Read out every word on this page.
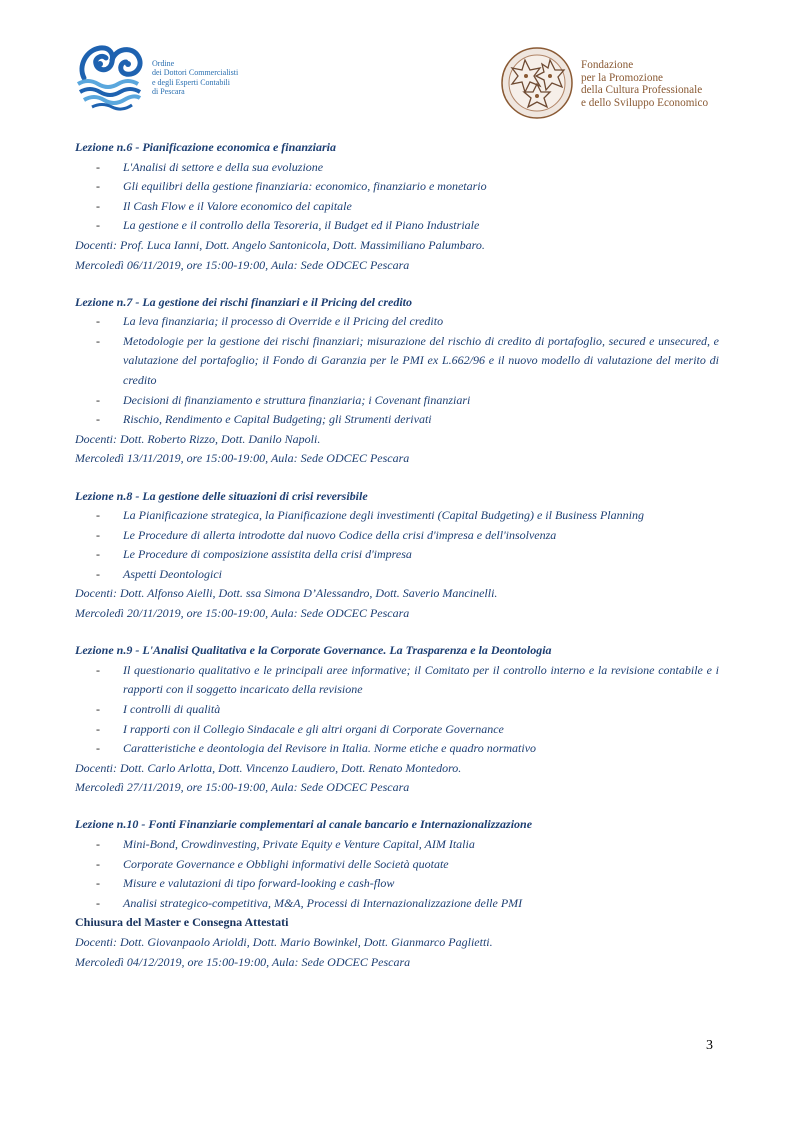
Ordine
dei Dottori Commercialisti
e degli Esperti Contabili
di Pescara
Fondazione
per la Promozione
della Cultura Professionale
e dello Sviluppo Economico

Lezione n.6 - Pianificazione economica e finanziaria

- L'Analisi di settore e della sua evoluzione
- Gli equilibri della gestione finanziaria: economico, finanziario e monetario
- Il Cash Flow e il Valore economico del capitale
- La gestione e il controllo della Tesoreria, il Budget ed il Piano Industriale
Docenti: Prof. Luca Ianni, Dott. Angelo Santonicola, Dott. Massimiliano Palumbaro.
Mercoledì 06/11/2019, ore 15:00-19:00, Aula: Sede ODCEC Pescara

Lezione n.7 - La gestione dei rischi finanziari e il Pricing del credito

- La leva finanziaria; il processo di Override e il Pricing del credito
- Metodologie per la gestione dei rischi finanziari; misurazione del rischio di credito di portafoglio, secured e unsecured, e valutazione del portafoglio; il Fondo di Garanzia per le PMI ex L.662/96 e il nuovo modello di valutazione del merito di credito
- Decisioni di finanziamento e struttura finanziaria; i Covenant finanziari
- Rischio, Rendimento e Capital Budgeting; gli Strumenti derivati
Docenti: Dott. Roberto Rizzo, Dott. Danilo Napoli.
Mercoledì 13/11/2019, ore 15:00-19:00, Aula: Sede ODCEC Pescara

Lezione n.8 - La gestione delle situazioni di crisi reversibile

- La Pianificazione strategica, la Pianificazione degli investimenti (Capital Budgeting) e il Business Planning
- Le Procedure di allerta introdotte dal nuovo Codice della crisi d'impresa e dell'insolvenza
- Le Procedure di composizione assistita della crisi d'impresa
- Aspetti Deontologici
Docenti: Dott. Alfonso Aielli, Dott. ssa Simona D’Alessandro, Dott. Saverio Mancinelli.
Mercoledì 20/11/2019, ore 15:00-19:00, Aula: Sede ODCEC Pescara

Lezione n.9 - L'Analisi Qualitativa e la Corporate Governance. La Trasparenza e la Deontologia

- Il questionario qualitativo e le principali aree informative; il Comitato per il controllo interno e la revisione contabile e i rapporti con il soggetto incaricato della revisione
- I controlli di qualità
- I rapporti con il Collegio Sindacale e gli altri organi di Corporate Governance
- Caratteristiche e deontologia del Revisore in Italia. Norme etiche e quadro normativo
Docenti: Dott. Carlo Arlotta, Dott. Vincenzo Laudiero, Dott. Renato Montedoro.
Mercoledì 27/11/2019, ore 15:00-19:00, Aula: Sede ODCEC Pescara

Lezione n.10 - Fonti Finanziarie complementari al canale bancario e Internazionalizzazione

- Mini-Bond, Crowdinvesting, Private Equity e Venture Capital, AIM Italia
- Corporate Governance e Obblighi informativi delle Società quotate
- Misure e valutazioni di tipo forward-looking e cash-flow
- Analisi strategico-competitiva, M&A, Processi di Internazionalizzazione delle PMI
Chiusura del Master e Consegna Attestati
Docenti: Dott. Giovanpaolo Arioldi, Dott. Mario Bowinkel, Dott. Gianmarco Paglietti.
Mercoledì 04/12/2019, ore 15:00-19:00, Aula: Sede ODCEC Pescara
3
